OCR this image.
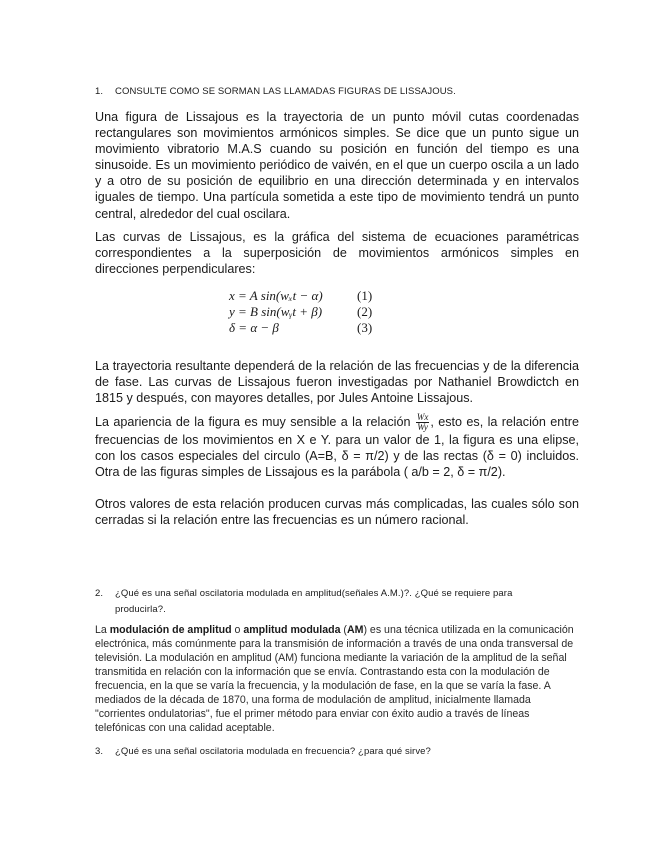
1. CONSULTE COMO SE SORMAN LAS LLAMADAS FIGURAS DE LISSAJOUS.

Una figura de Lissajous es la trayectoria de un punto móvil cutas coordenadas rectangulares son movimientos armónicos simples. Se dice que un punto sigue un movimiento vibratorio M.A.S cuando su posición en función del tiempo es una sinusoide. Es un movimiento periódico de vaivén, en el que un cuerpo oscila a un lado y a otro de su posición de equilibrio en una dirección determinada y en intervalos iguales de tiempo. Una partícula sometida a este tipo de movimiento tendrá un punto central, alrededor del cual oscilara.

Las curvas de Lissajous, es la gráfica del sistema de ecuaciones paramétricas correspondientes a la superposición de movimientos armónicos simples en direcciones perpendiculares:

x = A sin(wₓt − α)	(1)
y = B sin(wᵧt + β)	(2)
δ = α − β	(3)

La trayectoria resultante dependerá de la relación de las frecuencias y de la diferencia de fase. Las curvas de Lissajous fueron investigadas por Nathaniel Browdictch en 1815 y después, con mayores detalles, por Jules Antoine Lissajous.

La apariencia de la figura es muy sensible a la relación $\frac{Wx}{Wy}$ , esto es, la relación entre frecuencias de los movimientos en X e Y. para un valor de 1, la figura es una elipse, con los casos especiales del circulo (A=B, δ = π/2) y de las rectas (δ = 0) incluidos. Otra de las figuras simples de Lissajous es la parábola ( a/b = 2, δ = π/2).

Otros valores de esta relación producen curvas más complicadas, las cuales sólo son cerradas si la relación entre las frecuencias es un número racional.

2. ¿Qué es una señal oscilatoria modulada en amplitud(señales A.M.)?. ¿Qué se requiere para
producirla?.

La modulación de amplitud o amplitud modulada (AM) es una técnica utilizada en la comunicación electrónica, más comúnmente para la transmisión de información a través de una onda transversal de televisión. La modulación en amplitud (AM) funciona mediante la variación de la amplitud de la señal transmitida en relación con la información que se envía. Contrastando esta con la modulación de frecuencia, en la que se varía la frecuencia, y la modulación de fase, en la que se varía la fase. A mediados de la década de 1870, una forma de modulación de amplitud, inicialmente llamada "corrientes ondulatorias", fue el primer método para enviar con éxito audio a través de líneas telefónicas con una calidad aceptable.

3. ¿Qué es una señal oscilatoria modulada en frecuencia? ¿para qué sirve?
